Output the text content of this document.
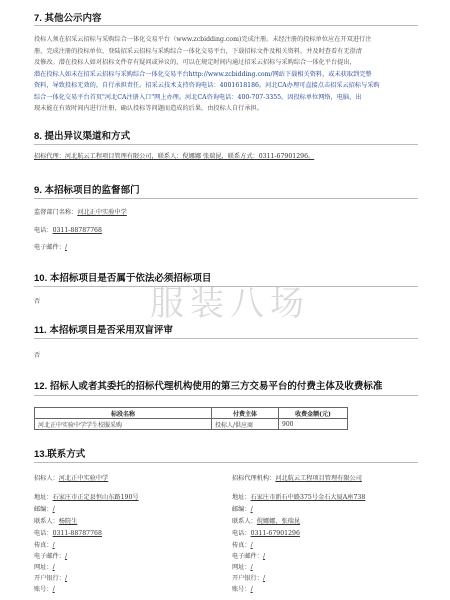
7. 其他公示内容
投标人须在招采云招标与采购综合一体化交易平台（www.zcbidding.com)完成注册。未经注册的投标单位应在开双进行注
册，完成注册的投标单位，登陆招采云招标与采购综合一体化交易平台，下载招标文件及相关资料，并及时查看有无澄清
及修改。潜在投标人如对招标文件存有疑问或异议的，可以在规定时间内通过招采云招标与采购综合一体化平台提出，
潜在投标人如未在招采云招标与采购综合一体化交易平台http://www.zcbidding.com/网站下载相关资料，或未获取到完整
资料，导致投标无效的，自行承担责任。招采云技术支持咨询电话：4001618186。河北CA办理可直接点击招采云招标与采购
综合一体化交易平台首页"河北CA注册入口"网上办理。河北CA咨询电话：400-707-3355。因投标单位网络，电脑，出
现未能在有效时间内进行注册，确认投标等问题而造成的后果，由投标人自行承担。
8. 提出异议渠道和方式
招标代理：河北航云工程项目管理有限公司，联系人：倪娜娜 张瑞昆，联系方式：0311-67901296。
9. 本招标项目的监督部门
监督部门名称：河北正中实验中学
电话：0311-88787768
电子邮件：/
10. 本招标项目是否属于依法必须招标项目
否	服装八场
11. 本招标项目是否采用双盲评审
否
12. 招标人或者其委托的招标代理机构使用的第三方交易平台的付费主体及收费标准
标段名称	付费主体	收费金额(元)
河北正中实验中学学生校服采购	投标人/供应商	900
13.联系方式
招标人：河北正中实验中学
地址：石家庄市正定县恒山东路190号
邮编：/
联系人：杨院生
电话：0311-88787768
传真：/
电子邮件：/
网址：/
开户银行：/
账号：/
招标代理机构：河北航云工程项目管理有限公司
地址：石家庄市新石中路375号金石大厦A座738
邮编：/
联系人：倪娜娜，张瑞昆
电话：0311-67901296
传真：/
电子邮件：/
网址：/
开户银行：/
账号：/
